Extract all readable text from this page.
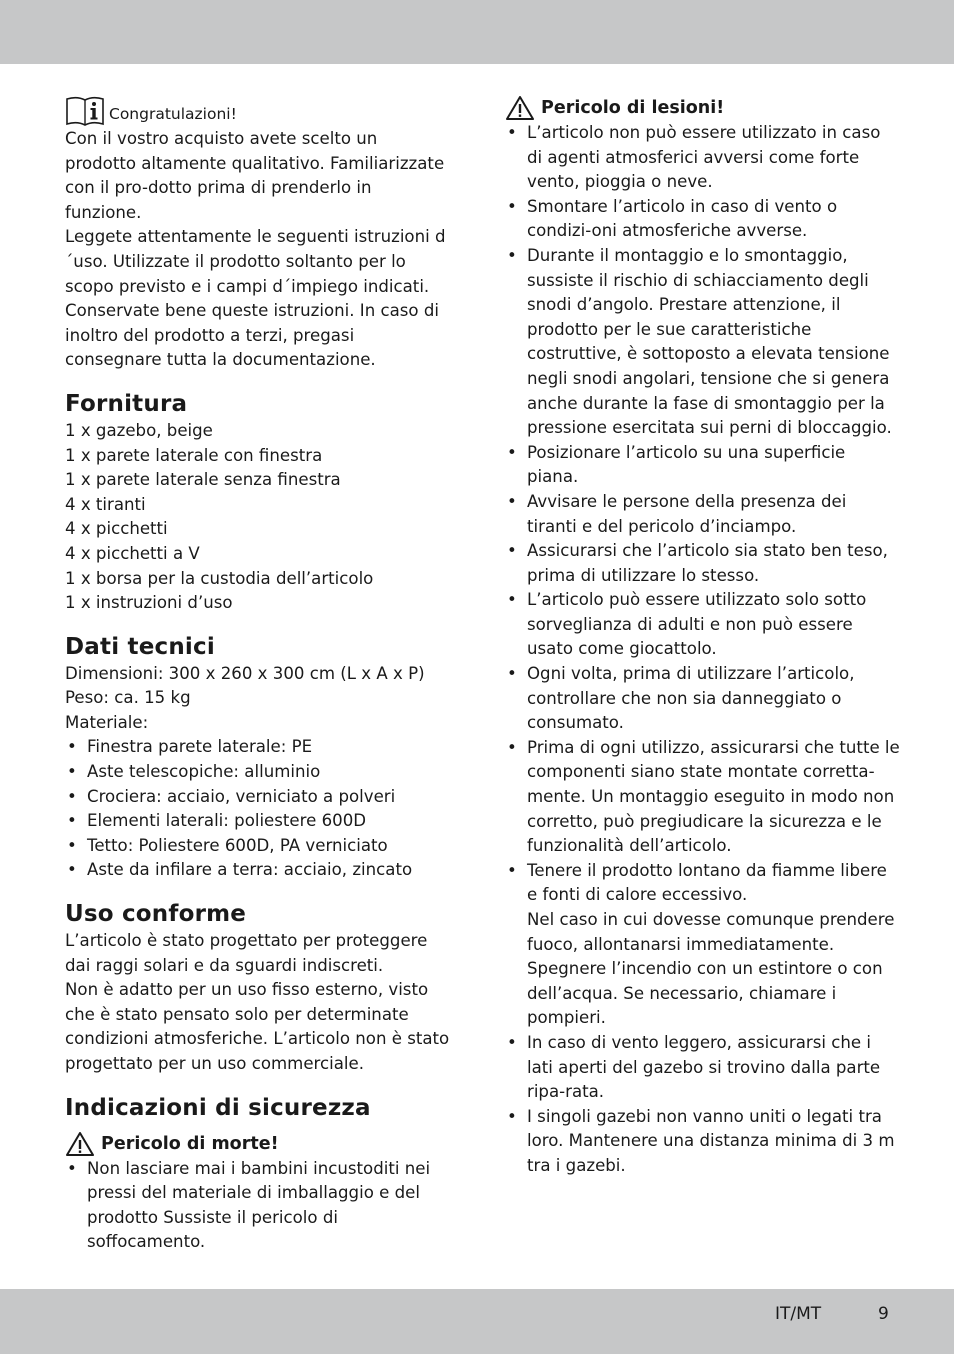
Congratulazioni!

Con il vostro acquisto avete scelto un prodotto altamente qualitativo. Familiarizzate con il pro-dotto prima di prenderlo in funzione.

Leggete attentamente le seguenti istruzioni d´uso. Utilizzate il prodotto soltanto per lo scopo previsto e i campi d´impiego indicati. Conservate bene queste istruzioni. In caso di inoltro del prodotto a terzi, pregasi consegnare tutta la documentazione.

Fornitura

1 x gazebo, beige

1 x parete laterale con finestra

1 x parete laterale senza finestra

4 x tiranti

4 x picchetti

4 x picchetti a V

1 x borsa per la custodia dell’articolo

1 x instruzioni d’uso

Dati tecnici

Dimensioni: 300 x 260 x 300 cm (L x A x P)

Peso: ca. 15 kg

Materiale:

• Finestra parete laterale: PE
• Aste telescopiche: alluminio
• Crociera: acciaio, verniciato a polveri
• Elementi laterali: poliestere 600D
• Tetto: Poliestere 600D, PA verniciato
• Aste da infilare a terra: acciaio, zincato
Uso conforme

L’articolo è stato progettato per proteggere dai raggi solari e da sguardi indiscreti.

Non è adatto per un uso fisso esterno, visto che è stato pensato solo per determinate condizioni atmosferiche. L’articolo non è stato progettato per un uso commerciale.

Indicazioni di sicurezza
Pericolo di morte!
• Non lasciare mai i bambini incustoditi nei pressi del materiale di imballaggio e del prodotto Sussiste il pericolo di soffocamento.
Pericolo di lesioni!
• L’articolo non può essere utilizzato in caso di agenti atmosferici avversi come forte vento, pioggia o neve.
• Smontare l’articolo in caso di vento o condizi-oni atmosferiche avverse.
• Durante il montaggio e lo smontaggio, sussiste il rischio di schiacciamento degli snodi d’angolo. Prestare attenzione, il prodotto per le sue caratteristiche costruttive, è sottoposto a elevata tensione negli snodi angolari, tensione che si genera anche durante la fase di smontaggio per la pressione esercitata sui perni di bloccaggio.
• Posizionare l’articolo su una superficie piana.
• Avvisare le persone della presenza dei tiranti e del pericolo d’inciampo.
• Assicurarsi che l’articolo sia stato ben teso, prima di utilizzare lo stesso.
• L’articolo può essere utilizzato solo sotto sorveglianza di adulti e non può essere usato come giocattolo.
• Ogni volta, prima di utilizzare l’articolo, controllare che non sia danneggiato o consumato.
• Prima di ogni utilizzo, assicurarsi che tutte le componenti siano state montate corretta-mente. Un montaggio eseguito in modo non corretto, può pregiudicare la sicurezza e le funzionalità dell’articolo.
• Tenere il prodotto lontano da fiamme libere e fonti di calore eccessivo.
Nel caso in cui dovesse comunque prendere fuoco, allontanarsi immediatamente.
Spegnere l’incendio con un estintore o con dell’acqua. Se necessario, chiamare i pompieri.
• In caso di vento leggero, assicurarsi che i lati aperti del gazebo si trovino dalla parte ripa-rata.
• I singoli gazebi non vanno uniti o legati tra loro. Mantenere una distanza minima di 3 m tra i gazebi.
IT/MT	9
